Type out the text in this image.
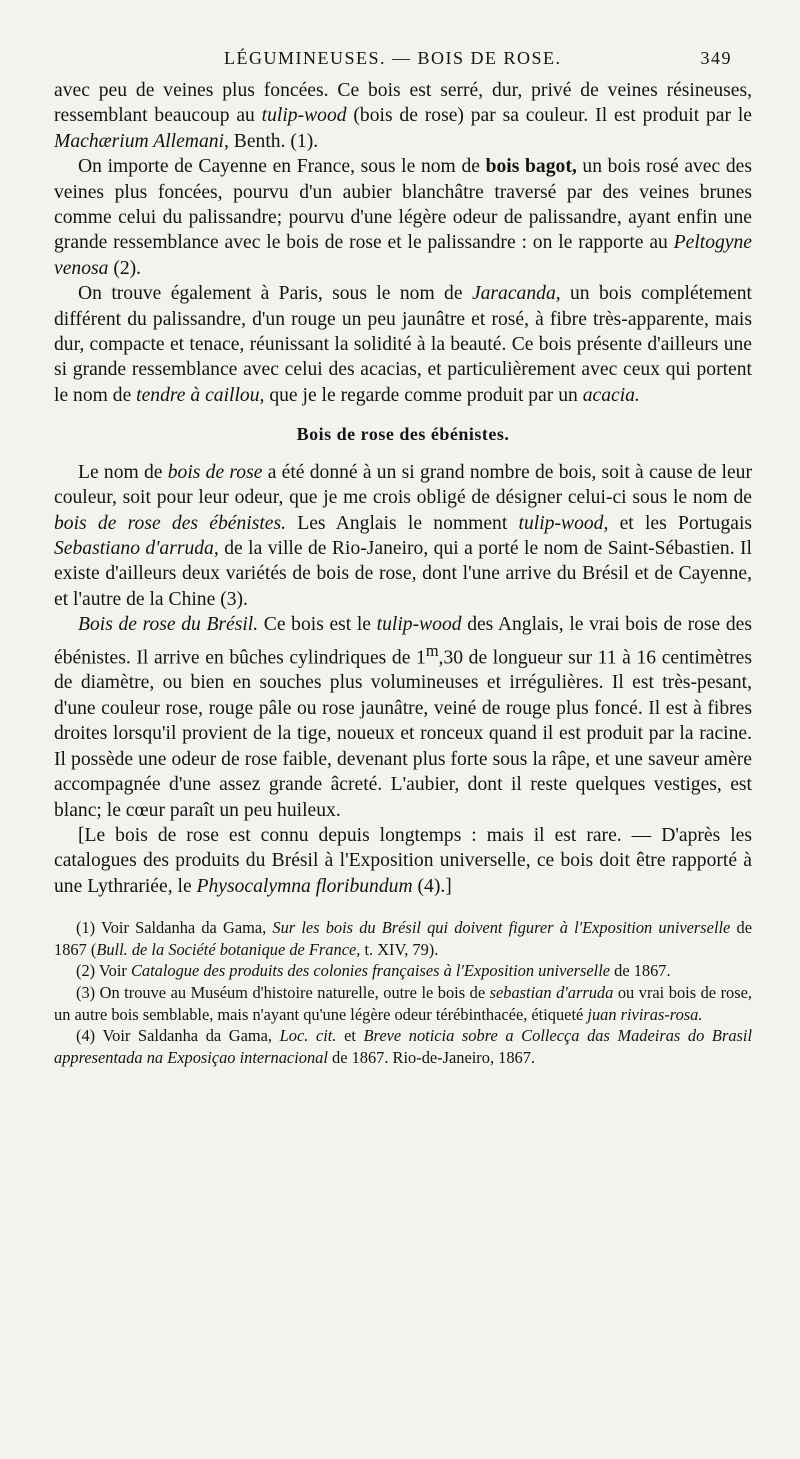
LÉGUMINEUSES. — BOIS DE ROSE.	349

avec peu de veines plus foncées. Ce bois est serré, dur, privé de veines résineuses, ressemblant beaucoup au tulip-wood (bois de rose) par sa couleur. Il est produit par le Machærium Allemani, Benth. (1).

On importe de Cayenne en France, sous le nom de bois bagot, un bois rosé avec des veines plus foncées, pourvu d'un aubier blanchâtre traversé par des veines brunes comme celui du palissandre; pourvu d'une légère odeur de palissandre, ayant enfin une grande ressemblance avec le bois de rose et le palissandre : on le rapporte au Peltogyne venosa (2).

On trouve également à Paris, sous le nom de Jaracanda, un bois complétement différent du palissandre, d'un rouge un peu jaunâtre et rosé, à fibre très-apparente, mais dur, compacte et tenace, réunissant la solidité à la beauté. Ce bois présente d'ailleurs une si grande ressemblance avec celui des acacias, et particulièrement avec ceux qui portent le nom de tendre à caillou, que je le regarde comme produit par un acacia.

Bois de rose des ébénistes.

Le nom de bois de rose a été donné à un si grand nombre de bois, soit à cause de leur couleur, soit pour leur odeur, que je me crois obligé de désigner celui-ci sous le nom de bois de rose des ébénistes. Les Anglais le nomment tulip-wood, et les Portugais Sebastiano d'arruda, de la ville de Rio-Janeiro, qui a porté le nom de Saint-Sébastien. Il existe d'ailleurs deux variétés de bois de rose, dont l'une arrive du Brésil et de Cayenne, et l'autre de la Chine (3).

Bois de rose du Brésil. Ce bois est le tulip-wood des Anglais, le vrai bois de rose des ébénistes. Il arrive en bûches cylindriques de 1$^m$,30 de longueur sur 11 à 16 centimètres de diamètre, ou bien en souches plus volumineuses et irrégulières. Il est très-pesant, d'une couleur rose, rouge pâle ou rose jaunâtre, veiné de rouge plus foncé. Il est à fibres droites lorsqu'il provient de la tige, noueux et ronceux quand il est produit par la racine. Il possède une odeur de rose faible, devenant plus forte sous la râpe, et une saveur amère accompagnée d'une assez grande âcreté. L'aubier, dont il reste quelques vestiges, est blanc; le cœur paraît un peu huileux.

[Le bois de rose est connu depuis longtemps : mais il est rare. — D'après les catalogues des produits du Brésil à l'Exposition universelle, ce bois doit être rapporté à une Lythrariée, le Physocalymna floribundum (4).]

(1) Voir Saldanha da Gama, Sur les bois du Brésil qui doivent figurer à l'Exposition universelle de 1867 (Bull. de la Société botanique de France, t. XIV, 79).

(2) Voir Catalogue des produits des colonies françaises à l'Exposition universelle de 1867.

(3) On trouve au Muséum d'histoire naturelle, outre le bois de sebastian d'arruda ou vrai bois de rose, un autre bois semblable, mais n'ayant qu'une légère odeur térébinthacée, étiqueté juan riviras-rosa.

(4) Voir Saldanha da Gama, Loc. cit. et Breve noticia sobre a Collecça das Madeiras do Brasil appresentada na Exposiçao internacional de 1867. Rio-de-Janeiro, 1867.
